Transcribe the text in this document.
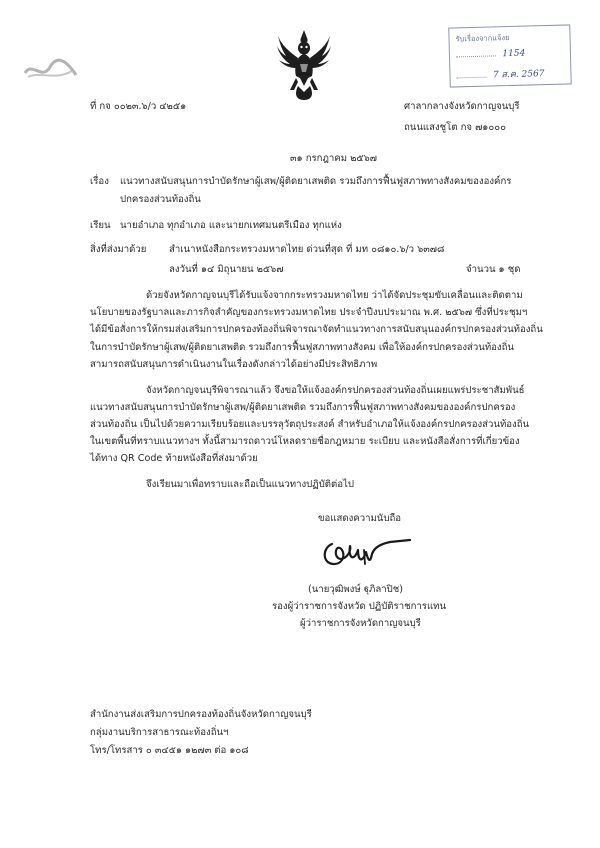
รับเรื่องจากแจ้งย
1154
7 ส.ค. 2567
ที่ กจ ๐๐๒๓.๖/ว ๔๒๕๑	ศาลากลางจังหวัดกาญจนบุรี
ถนนแสงชูโต กจ ๗๑๐๐๐
๓๑ กรกฎาคม ๒๕๖๗
เรื่อง แนวทางสนับสนุนการบำบัดรักษาผู้เสพ/ผู้ติดยาเสพติด รวมถึงการฟื้นฟูสภาพทางสังคมขององค์กร
ปกครองส่วนท้องถิ่น
เรียน นายอำเภอ ทุกอำเภอ และนายกเทศมนตรีเมือง ทุกแห่ง
สิ่งที่ส่งมาด้วย สำเนาหนังสือกระทรวงมหาดไทย ด่วนที่สุด ที่ มท ๐๘๑๐.๖/ว ๖๓๗๘
ลงวันที่ ๑๔ มิถุนายน ๒๕๖๗	จำนวน ๑ ชุด
ด้วยจังหวัดกาญจนบุรีได้รับแจ้งจากกระทรวงมหาดไทย ว่าได้จัดประชุมขับเคลื่อนและติดตาม
นโยบายของรัฐบาลและภารกิจสำคัญของกระทรวงมหาดไทย ประจำปีงบประมาณ พ.ศ. ๒๕๖๗ ซึ่งที่ประชุมฯ
ได้มีข้อสั่งการให้กรมส่งเสริมการปกครองท้องถิ่นพิจารณาจัดทำแนวทางการสนับสนุนองค์กรปกครองส่วนท้องถิ่น
ในการบำบัดรักษาผู้เสพ/ผู้ติดยาเสพติด รวมถึงการฟื้นฟูสภาพทางสังคม เพื่อให้องค์กรปกครองส่วนท้องถิ่น
สามารถสนับสนุนการดำเนินงานในเรื่องดังกล่าวได้อย่างมีประสิทธิภาพ
จังหวัดกาญจนบุรีพิจารณาแล้ว จึงขอให้แจ้งองค์กรปกครองส่วนท้องถิ่นเผยแพร่ประชาสัมพันธ์
แนวทางสนับสนุนการบำบัดรักษาผู้เสพ/ผู้ติดยาเสพติด รวมถึงการฟื้นฟูสภาพทางสังคมขององค์กรปกครอง
ส่วนท้องถิ่น เป็นไปด้วยความเรียบร้อยและบรรลุวัตถุประสงค์ สำหรับอำเภอให้แจ้งองค์กรปกครองส่วนท้องถิ่น
ในเขตพื้นที่ทราบแนวทางฯ ทั้งนี้สามารถดาวน์โหลดรายชื่อกฎหมาย ระเบียบ และหนังสือสั่งการที่เกี่ยวข้อง
ได้ทาง QR Code ท้ายหนังสือที่ส่งมาด้วย
จึงเรียนมาเพื่อทราบและถือเป็นแนวทางปฏิบัติต่อไป
ขอแสดงความนับถือ
(นายวุฒิพงษ์ ฐุภิลาปิช)
รองผู้ว่าราชการจังหวัด ปฏิบัติราชการแทน
ผู้ว่าราชการจังหวัดกาญจนบุรี
สำนักงานส่งเสริมการปกครองท้องถิ่นจังหวัดกาญจนบุรี
กลุ่มงานบริการสาธารณะท้องถิ่นฯ
โทร/โทรสาร ๐ ๓๔๕๑ ๑๒๗๓ ต่อ ๑๐๘
